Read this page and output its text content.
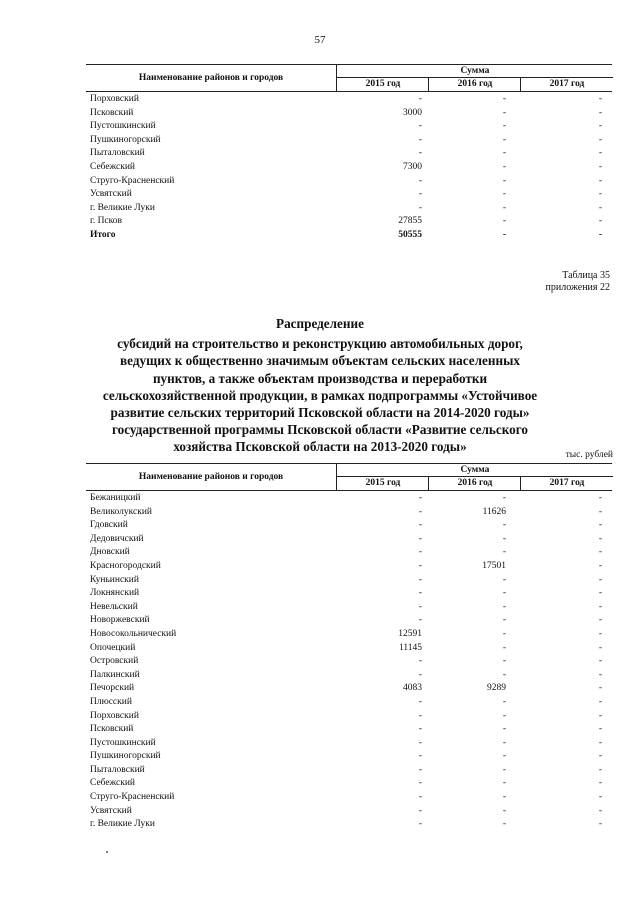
57
Наименование районов и городов
Сумма
2015 год	2016 год	2017 год
Порховский	-	-	-
Псковский	3000	-	-
Пустошкинский	-	-	-
Пушкиногорский	-	-	-
Пыталовский	-	-	-
Себежский	7300	-	-
Струго-Красненский	-	-	-
Усвятский	-	-	-
г. Великие Луки	-	-	-
г. Псков	27855	-	-
Итого	50555	-	-
Таблица 35
приложения 22
Распределение
субсидий на строительство и реконструкцию автомобильных дорог,
ведущих к общественно значимым объектам сельских населенных
пунктов, а также объектам производства и переработки
сельскохозяйственной продукции, в рамках подпрограммы «Устойчивое
развитие сельских территорий Псковской области на 2014-2020 годы»
государственной программы Псковской области «Развитие сельского
хозяйства Псковской области на 2013-2020 годы»
тыс. рублей
Наименование районов и городов
Сумма
2015 год	2016 год	2017 год
Бежаницкий	-	-	-
Великолукский	-	11626	-
Гдовский	-	-	-
Дедовичский	-	-	-
Дновский	-	-	-
Красногородский	-	17501	-
Куньинский	-	-	-
Локнянский	-	-	-
Невельский	-	-	-
Новоржевский	-	-	-
Новосокольнический	12591	-	-
Опочецкий	11145	-	-
Островский	-	-	-
Палкинский	-	-	-
Печорский	4083	9289	-
Плюсский	-	-	-
Порховский	-	-	-
Псковский	-	-	-
Пустошкинский	-	-	-
Пушкиногорский	-	-	-
Пыталовский	-	-	-
Себежский	-	-	-
Струго-Красненский	-	-	-
Усвятский	-	-	-
г. Великие Луки	-	-	-
